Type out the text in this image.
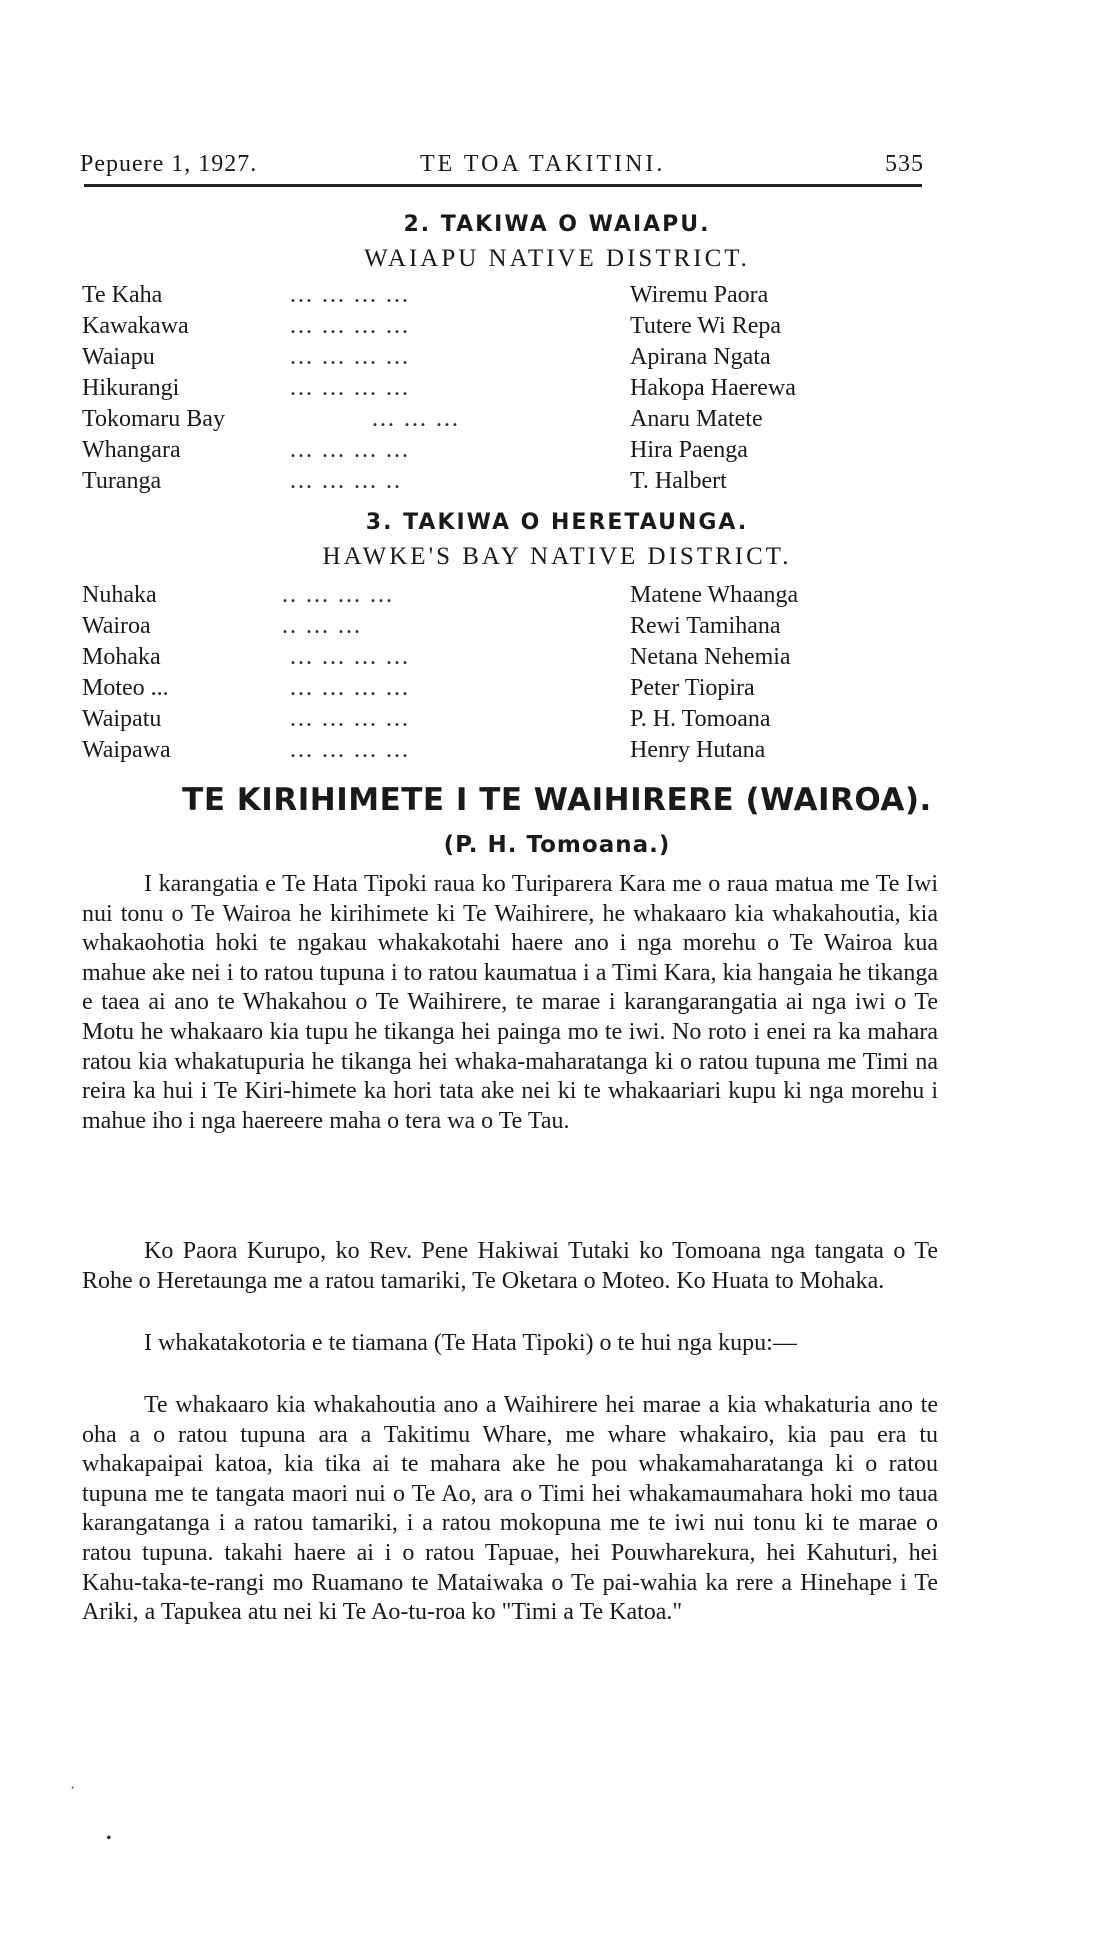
Pepuere 1, 1927.	TE TOA TAKITINI.	535
2. TAKIWA O WAIAPU.
WAIAPU NATIVE DISTRICT.
Te Kaha	... ... ... ...	Wiremu Paora
Kawakawa	... ... ... ...	Tutere Wi Repa
Waiapu	... ... ... ...	Apirana Ngata
Hikurangi	... ... ... ...	Hakopa Haerewa
Tokomaru Bay	... ... ...	Anaru Matete
Whangara	... ... ... ...	Hira Paenga
Turanga	... ... ... ..	T. Halbert
3. TAKIWA O HERETAUNGA.
HAWKE'S BAY NATIVE DISTRICT.
Nuhaka	.. ... ... ...	Matene Whaanga
Wairoa	.. ... ...	Rewi Tamihana
Mohaka	... ... ... ...	Netana Nehemia
Moteo ...	... ... ... ...	Peter Tiopira
Waipatu	... ... ... ...	P. H. Tomoana
Waipawa	... ... ... ...	Henry Hutana
TE KIRIHIMETE I TE WAIHIRERE (WAIROA).
(P. H. Tomoana.)

I karangatia e Te Hata Tipoki raua ko Turiparera Kara me o raua matua me Te Iwi nui tonu o Te Wairoa he kirihimete ki Te Waihirere, he whakaaro kia whakahoutia, kia whakaohotia hoki te ngakau whakakotahi haere ano i nga morehu o Te Wairoa kua mahue ake nei i to ratou tupuna i to ratou kaumatua i a Timi Kara, kia hangaia he tikanga e taea ai ano te Whakahou o Te Waihirere, te marae i karangarangatia ai nga iwi o Te Motu he whakaaro kia tupu he tikanga hei painga mo te iwi. No roto i enei ra ka mahara ratou kia whakatupuria he tikanga hei whaka-maharatanga ki o ratou tupuna me Timi na reira ka hui i Te Kiri-himete ka hori tata ake nei ki te whakaariari kupu ki nga morehu i mahue iho i nga haereere maha o tera wa o Te Tau.

Ko Paora Kurupo, ko Rev. Pene Hakiwai Tutaki ko Tomoana nga tangata o Te Rohe o Heretaunga me a ratou tamariki, Te Oketara o Moteo. Ko Huata to Mohaka.

I whakatakotoria e te tiamana (Te Hata Tipoki) o te hui nga kupu:—

Te whakaaro kia whakahoutia ano a Waihirere hei marae a kia whakaturia ano te oha a o ratou tupuna ara a Takitimu Whare, me whare whakairo, kia pau era tu whakapaipai katoa, kia tika ai te mahara ake he pou whakamaharatanga ki o ratou tupuna me te tangata maori nui o Te Ao, ara o Timi hei whakamaumahara hoki mo taua karangatanga i a ratou tamariki, i a ratou mokopuna me te iwi nui tonu ki te marae o ratou tupuna. takahi haere ai i o ratou Tapuae, hei Pouwharekura, hei Kahuturi, hei Kahu-taka-te-rangi mo Ruamano te Mataiwaka o Te pai-wahia ka rere a Hinehape i Te Ariki, a Tapukea atu nei ki Te Ao-tu-roa ko "Timi a Te Katoa."

·
•
